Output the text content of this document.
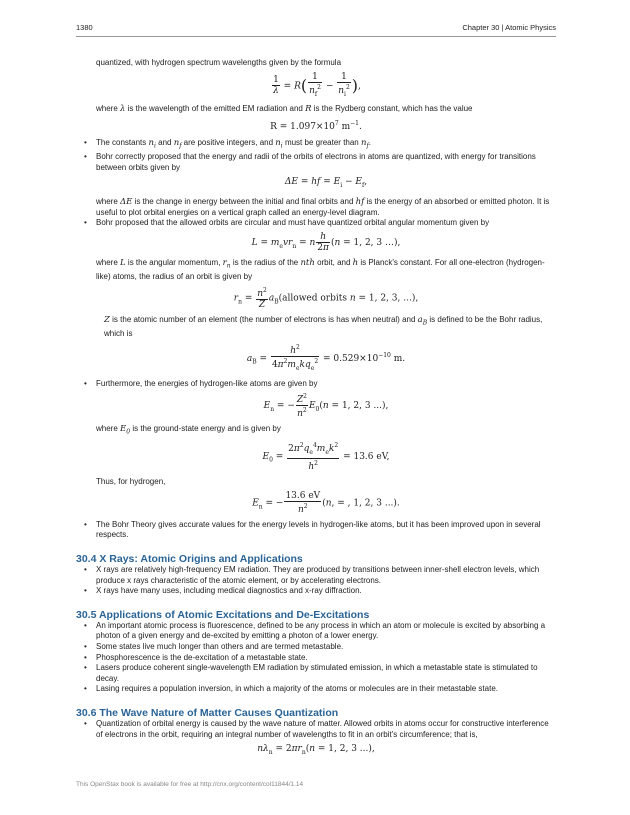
1380	Chapter 30 | Atomic Physics

quantized, with hydrogen spectrum wavelengths given by the formula

$\frac{1}{\lambda} = R( \frac{1}{n_f^2} - \frac{1}{n_i^2}$ ),

where λ is the wavelength of the emitted EM radiation and R is the Rydberg constant, which has the value

$R = 1.097\times 10^7$ $m^{-1}$.
• The constants $n_i$ and $n_f$ are positive integers, and $n_i$ must be greater than $n_f$.
• Bohr correctly proposed that the energy and radii of the orbits of electrons in atoms are quantized, with energy for transitions between orbits given by
ΔE = hf = $E_i - E_f$,
where ΔE is the change in energy between the initial and final orbits and hf is the energy of an absorbed or emitted photon. It is useful to plot orbital energies on a vertical graph called an energy-level diagram.
• Bohr proposed that the allowed orbits are circular and must have quantized orbital angular momentum given by
$L = m_evr_n = n \frac{h}{2\pi} (n = 1$, 2, 3 …),
where L is the angular momentum, $r_n$ is the radius of the nth orbit, and h is Planck's constant. For all one-electron (hydrogen-like) atoms, the radius of an orbit is given by
$r_n = \frac{n^2}{Z}$ $a_B(allowed$ orbits n = 1, 2, 3, ...),
Z is the atomic number of an element (the number of electrons is has when neutral) and $a_B$ is defined to be the Bohr radius, which is
$a_B = \frac{h^2}{4\pi^2m_ekq_e^2} = 0.529\times 10^{-10}$ m.
• Furthermore, the energies of hydrogen-like atoms are given by
$E_n$ = − $\frac{Z^2}{n^2} E_0(n = 1$, 2, 3 ...),
where $E_0$ is the ground-state energy and is given by
$E_0 = \frac{2\pi^2q_e^4m_ek^2}{h^2} = 13.6$ eV,
Thus, for hydrogen,
$E_n$ = − $\frac{13.6 eV}{n^2} (n$, = , 1, 2, 3 ...).
• The Bohr Theory gives accurate values for the energy levels in hydrogen-like atoms, but it has been improved upon in several respects.
30.4 X Rays: Atomic Origins and Applications
• X rays are relatively high-frequency EM radiation. They are produced by transitions between inner-shell electron levels, which produce x rays characteristic of the atomic element, or by accelerating electrons.
• X rays have many uses, including medical diagnostics and x-ray diffraction.
30.5 Applications of Atomic Excitations and De-Excitations
• An important atomic process is fluorescence, defined to be any process in which an atom or molecule is excited by absorbing a photon of a given energy and de-excited by emitting a photon of a lower energy.
• Some states live much longer than others and are termed metastable.
• Phosphorescence is the de-excitation of a metastable state.
• Lasers produce coherent single-wavelength EM radiation by stimulated emission, in which a metastable state is stimulated to decay.
• Lasing requires a population inversion, in which a majority of the atoms or molecules are in their metastable state.
30.6 The Wave Nature of Matter Causes Quantization
• Quantization of orbital energy is caused by the wave nature of matter. Allowed orbits in atoms occur for constructive interference of electrons in the orbit, requiring an integral number of wavelengths to fit in an orbit's circumference; that is,
$n\lambda_n = 2\pi r_n(n = 1$, 2, 3 ...),
This OpenStax book is available for free at http://cnx.org/content/col11844/1.14
